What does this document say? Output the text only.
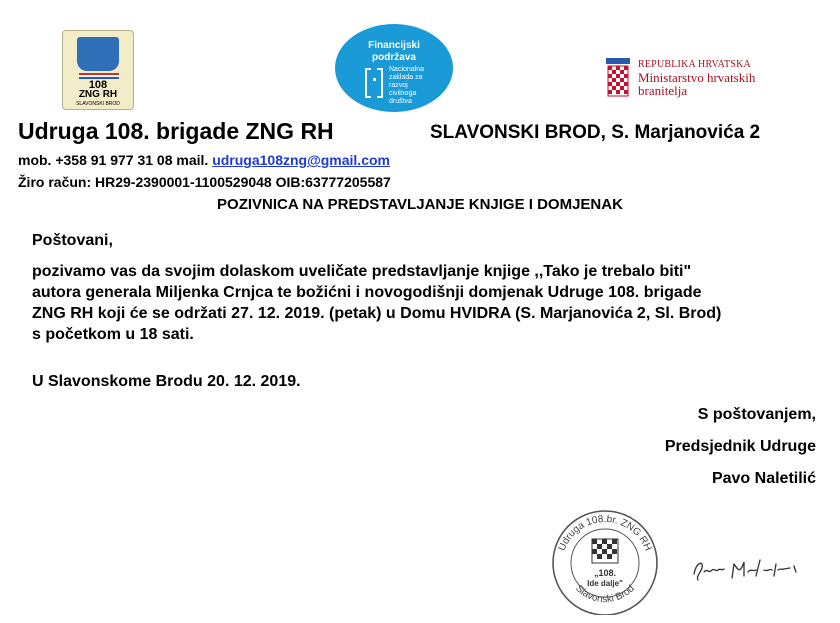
108
ZNG RH
SLAVONSKI BROD
Financijski
podržava
Nacionalna
zaklada za
razvoj
civilnoga
društva
REPUBLIKA HRVATSKA
Ministarstvo hrvatskih
branitelja
Udruga 108. brigade ZNG RH	SLAVONSKI BROD, S. Marjanovića 2
mob. +358 91 977 31 08 mail. udruga108zng@gmail.com
Žiro račun: HR29-2390001-1100529048 OIB:63777205587
POZIVNICA NA PREDSTAVLJANJE KNJIGE I DOMJENAK
Poštovani,
pozivamo vas da svojim dolaskom uveličate predstavljanje knjige ,,Tako je trebalo biti"
autora generala Miljenka Crnjca te božićni i novogodišnji domjenak Udruge 108. brigade
ZNG RH koji će se održati 27. 12. 2019. (petak) u Domu HVIDRA (S. Marjanovića 2, Sl. Brod)
s početkom u 18 sati.
U Slavonskome Brodu 20. 12. 2019.
S poštovanjem,
Predsjednik Udruge
Pavo Naletilić
Udruga 108.br. ZNG RH
Slavonski Brod
„108.
Ide dalje"
